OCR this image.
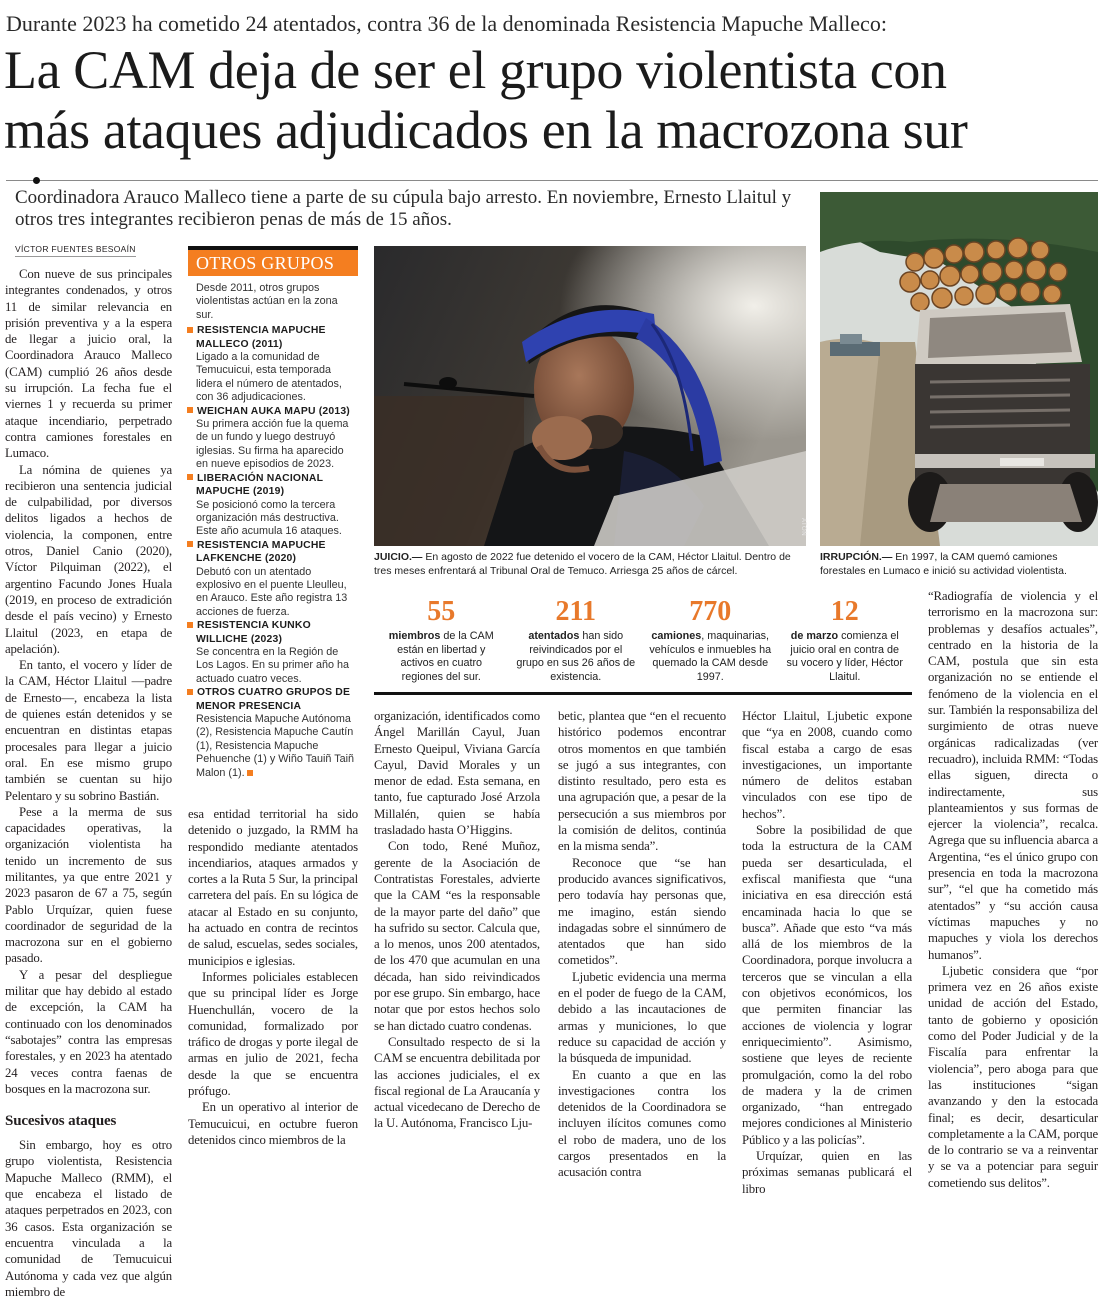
Durante 2023 ha cometido 24 atentados, contra 36 de la denominada Resistencia Mapuche Malleco:
La CAM deja de ser el grupo violentista con
más ataques adjudicados en la macrozona sur
Coordinadora Arauco Malleco tiene a parte de su cúpula bajo arresto. En noviembre, Ernesto Llaitul y otros tres integrantes recibieron penas de más de 15 años.
VÍCTOR FUENTES BESOAÍN

Con nueve de sus principales integrantes condenados, y otros 11 de similar relevancia en prisión preventiva y a la espera de llegar a juicio oral, la Coordinadora Arauco Malleco (CAM) cumplió 26 años desde su irrupción. La fecha fue el viernes 1 y recuerda su primer ataque incendiario, perpetrado contra camiones forestales en Lumaco.

La nómina de quienes ya recibieron una sentencia judicial de culpabilidad, por diversos delitos ligados a hechos de violencia, la componen, entre otros, Daniel Canio (2020), Víctor Pilquiman (2022), el argentino Facundo Jones Huala (2019, en proceso de extradición desde el país vecino) y Ernesto Llaitul (2023, en etapa de apelación).

En tanto, el vocero y líder de la CAM, Héctor Llaitul —padre de Ernesto—, encabeza la lista de quienes están detenidos y se encuentran en distintas etapas procesales para llegar a juicio oral. En ese mismo grupo también se cuentan su hijo Pelentaro y su sobrino Bastián.

Pese a la merma de sus capacidades operativas, la organización violentista ha tenido un incremento de sus militantes, ya que entre 2021 y 2023 pasaron de 67 a 75, según Pablo Urquízar, quien fuese coordinador de seguridad de la macrozona sur en el gobierno pasado.

Y a pesar del despliegue militar que hay debido al estado de excepción, la CAM ha continuado con los denominados “sabotajes” contra las empresas forestales, y en 2023 ha atentado 24 veces contra faenas de bosques en la macrozona sur.

Sucesivos ataques

Sin embargo, hoy es otro grupo violentista, Resistencia Mapuche Malleco (RMM), el que encabeza el listado de ataques perpetrados en 2023, con 36 casos. Esta organización se encuentra vinculada a la comunidad de Temucuicui Autónoma y cada vez que algún miembro de

OTROS GRUPOS
Desde 2011, otros grupos violentistas actúan en la zona sur.
RESISTENCIA MAPUCHE MALLECO (2011)
Ligado a la comunidad de Temucuicui, esta temporada lidera el número de atentados, con 36 adjudicaciones.
WEICHAN AUKA MAPU (2013)
Su primera acción fue la quema de un fundo y luego destruyó iglesias. Su firma ha aparecido en nueve episodios de 2023.
LIBERACIÓN NACIONAL MAPUCHE (2019)
Se posicionó como la tercera organización más destructiva. Este año acumula 16 ataques.
RESISTENCIA MAPUCHE LAFKENCHE (2020)
Debutó con un atentado explosivo en el puente Lleulleu, en Arauco. Este año registra 13 acciones de fuerza.
RESISTENCIA KUNKO WILLICHE (2023)
Se concentra en la Región de Los Lagos. En su primer año ha actuado cuatro veces.
OTROS CUATRO GRUPOS DE MENOR PRESENCIA
Resistencia Mapuche Autónoma (2), Resistencia Mapuche Cautín (1), Resistencia Mapuche Pehuenche (1) y Wiño Tauiñ Taiñ Malon (1).

esa entidad territorial ha sido detenido o juzgado, la RMM ha respondido mediante atentados incendiarios, ataques armados y cortes a la Ruta 5 Sur, la principal carretera del país. En su lógica de atacar al Estado en su conjunto, ha actuado en contra de recintos de salud, escuelas, sedes sociales, municipios e iglesias.

Informes policiales establecen que su principal líder es Jorge Huenchullán, vocero de la comunidad, formalizado por tráfico de drogas y porte ilegal de armas en julio de 2021, fecha desde la que se encuentra prófugo.

En un operativo al interior de Temucuicui, en octubre fueron detenidos cinco miembros de la

ATON
JUICIO.— En agosto de 2022 fue detenido el vocero de la CAM, Héctor Llaitul. Dentro de tres meses enfrentará al Tribunal Oral de Temuco. Arriesga 25 años de cárcel.
IRRUPCIÓN.— En 1997, la CAM quemó camiones forestales en Lumaco e inició su actividad violentista.
55
miembros de la CAM están en libertad y activos en cuatro regiones del sur.
211
atentados han sido reivindicados por el grupo en sus 26 años de existencia.
770
camiones, maquinarias, vehículos e inmuebles ha quemado la CAM desde 1997.
12
de marzo comienza el juicio oral en contra de su vocero y líder, Héctor Llaitul.

organización, identificados como Ángel Marillán Cayul, Juan Ernesto Queipul, Viviana García Cayul, David Morales y un menor de edad. Esta semana, en tanto, fue capturado José Arzola Millalén, quien se había trasladado hasta O’Higgins.

Con todo, René Muñoz, gerente de la Asociación de Contratistas Forestales, advierte que la CAM “es la responsable de la mayor parte del daño” que ha sufrido su sector. Calcula que, a lo menos, unos 200 atentados, de los 470 que acumulan en una década, han sido reivindicados por ese grupo. Sin embargo, hace notar que por estos hechos solo se han dictado cuatro condenas.

Consultado respecto de si la CAM se encuentra debilitada por las acciones judiciales, el ex fiscal regional de La Araucanía y actual vicedecano de Derecho de la U. Autónoma, Francisco Lju-

betic, plantea que “en el recuento histórico podemos encontrar otros momentos en que también se jugó a sus integrantes, con distinto resultado, pero esta es una agrupación que, a pesar de la persecución a sus miembros por la comisión de delitos, continúa en la misma senda”.

Reconoce que “se han producido avances significativos, pero todavía hay personas que, me imagino, están siendo indagadas sobre el sinnúmero de atentados que han sido cometidos”.

Ljubetic evidencia una merma en el poder de fuego de la CAM, debido a las incautaciones de armas y municiones, lo que reduce su capacidad de acción y la búsqueda de impunidad.

En cuanto a que en las investigaciones contra los detenidos de la Coordinadora se incluyen ilícitos comunes como el robo de madera, uno de los cargos presentados en la acusación contra

Héctor Llaitul, Ljubetic expone que “ya en 2008, cuando como fiscal estaba a cargo de esas investigaciones, un importante número de delitos estaban vinculados con ese tipo de hechos”.

Sobre la posibilidad de que toda la estructura de la CAM pueda ser desarticulada, el exfiscal manifiesta que “una iniciativa en esa dirección está encaminada hacia lo que se busca”. Añade que esto “va más allá de los miembros de la Coordinadora, porque involucra a terceros que se vinculan a ella con objetivos económicos, los que permiten financiar las acciones de violencia y lograr enriquecimiento”. Asimismo, sostiene que leyes de reciente promulgación, como la del robo de madera y la de crimen organizado, “han entregado mejores condiciones al Ministerio Público y a las policías”.

Urquízar, quien en las próximas semanas publicará el libro

“Radiografía de violencia y el terrorismo en la macrozona sur: problemas y desafíos actuales”, centrado en la historia de la CAM, postula que sin esta organización no se entiende el fenómeno de la violencia en el sur. También la responsabiliza del surgimiento de otras nueve orgánicas radicalizadas (ver recuadro), incluida RMM: “Todas ellas siguen, directa o indirectamente, sus planteamientos y sus formas de ejercer la violencia”, recalca. Agrega que su influencia abarca a Argentina, “es el único grupo con presencia en toda la macrozona sur”, “el que ha cometido más atentados” y “su acción causa víctimas mapuches y no mapuches y viola los derechos humanos”.

Ljubetic considera que “por primera vez en 26 años existe unidad de acción del Estado, tanto de gobierno y oposición como del Poder Judicial y de la Fiscalía para enfrentar la violencia”, pero aboga para que las instituciones “sigan avanzando y den la estocada final; es decir, desarticular completamente a la CAM, porque de lo contrario se va a reinventar y se va a potenciar para seguir cometiendo sus delitos”.
